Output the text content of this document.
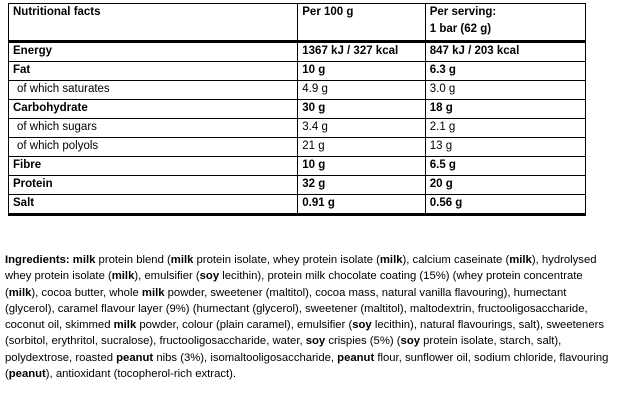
Nutritional facts	Per 100 g	Per serving:
1 bar (62 g)

Energy	1367 kJ / 327 kcal	847 kJ / 203 kcal
Fat	10 g	6.3 g
of which saturates	4.9 g	3.0 g
Carbohydrate	30 g	18 g
of which sugars	3.4 g	2.1 g
of which polyols	21 g	13 g
Fibre	10 g	6.5 g
Protein	32 g	20 g
Salt	0.91 g	0.56 g

Ingredients: milk protein blend (milk protein isolate, whey protein isolate (milk), calcium caseinate (milk), hydrolysed whey protein isolate (milk), emulsifier (soy lecithin), protein milk chocolate coating (15%) (whey protein concentrate (milk), cocoa butter, whole milk powder, sweetener (maltitol), cocoa mass, natural vanilla flavouring), humectant (glycerol), caramel flavour layer (9%) (humectant (glycerol), sweetener (maltitol), maltodextrin, fructooligosaccharide, coconut oil, skimmed milk powder, colour (plain caramel), emulsifier (soy lecithin), natural flavourings, salt), sweeteners (sorbitol, erythritol, sucralose), fructooligosaccharide, water, soy crispies (5%) (soy protein isolate, starch, salt), polydextrose, roasted peanut nibs (3%), isomaltooligosaccharide, peanut flour, sunflower oil, sodium chloride, flavouring (peanut), antioxidant (tocopherol-rich extract).
